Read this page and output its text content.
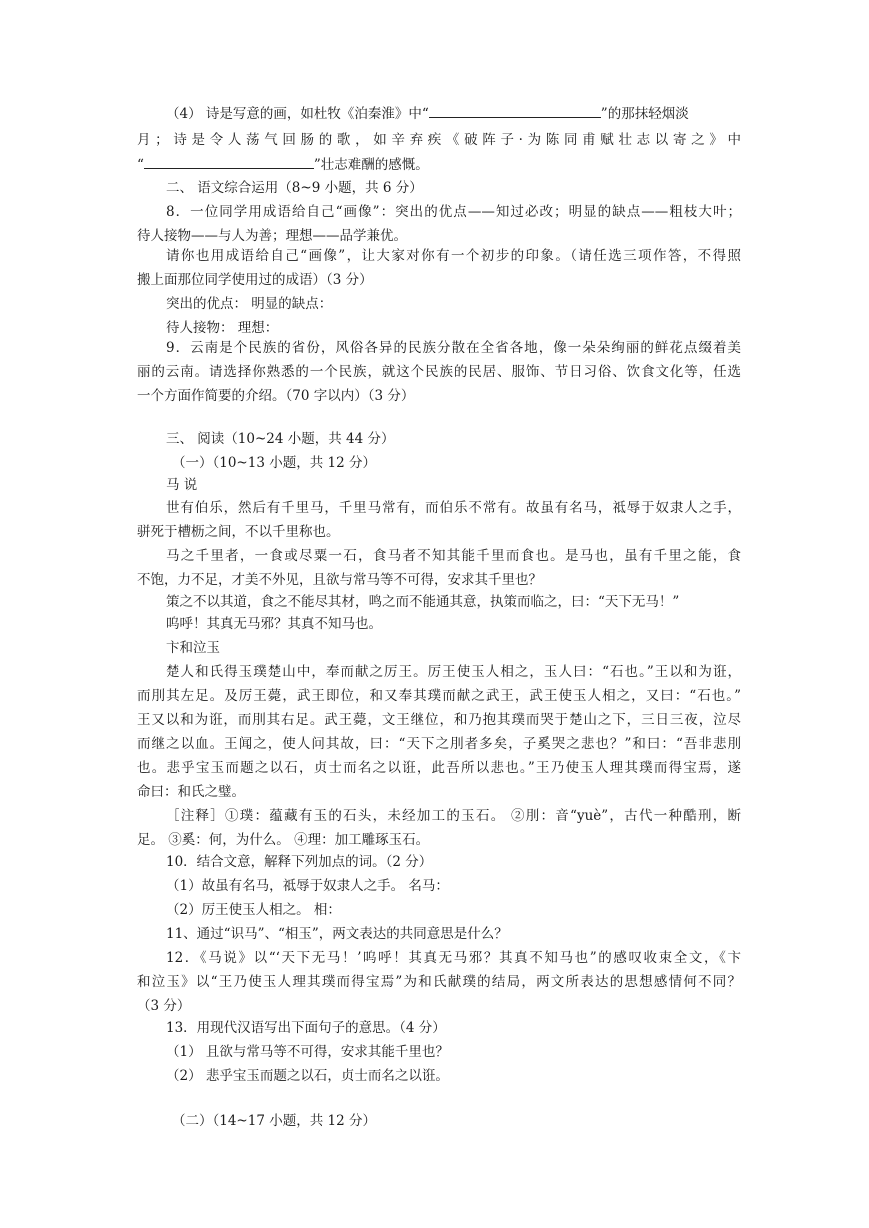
（4） 诗是写意的画，如杜牧《泊秦淮》中“	”的那抹轻烟淡
月；诗是令人荡气回肠的歌，如辛弃疾《破阵子·为陈同甫赋壮志以寄之》中
“	”壮志难酬的感慨。
二、 语文综合运用（8~9 小题，共 6 分）
8．一位同学用成语给自己“画像”：突出的优点——知过必改；明显的缺点——粗枝大叶；
待人接物——与人为善；理想——品学兼优。
请你也用成语给自己“画像”，让大家对你有一个初步的印象。（请任选三项作答，不得照
搬上面那位同学使用过的成语）（3 分）
突出的优点： 明显的缺点：
待人接物： 理想：
9．云南是个民族的省份，风俗各异的民族分散在全省各地，像一朵朵绚丽的鲜花点缀着美
丽的云南。请选择你熟悉的一个民族，就这个民族的民居、服饰、节日习俗、饮食文化等，任选
一个方面作简要的介绍。（70 字以内）（3 分）
三、 阅读（10~24 小题，共 44 分）
（一）（10~13 小题，共 12 分）
马 说
世有伯乐，然后有千里马，千里马常有，而伯乐不常有。故虽有名马，祗辱于奴隶人之手，
骈死于槽枥之间，不以千里称也。
马之千里者，一食或尽粟一石，食马者不知其能千里而食也。是马也，虽有千里之能，食
不饱，力不足，才美不外见，且欲与常马等不可得，安求其千里也？
策之不以其道，食之不能尽其材，鸣之而不能通其意，执策而临之，曰：“天下无马！”
呜呼！其真无马邪？其真不知马也。
卞和泣玉
楚人和氏得玉璞楚山中，奉而献之厉王。厉王使玉人相之，玉人曰：“石也。”王以和为诳，
而刖其左足。及厉王薨，武王即位，和又奉其璞而献之武王，武王使玉人相之，又曰：“石也。”
王又以和为诳，而刖其右足。武王薨，文王继位，和乃抱其璞而哭于楚山之下，三日三夜，泣尽
而继之以血。王闻之，使人问其故，曰：“天下之刖者多矣，子奚哭之悲也？”和曰：“吾非悲刖
也。悲乎宝玉而题之以石，贞士而名之以诳，此吾所以悲也。”王乃使玉人理其璞而得宝焉，遂
命曰：和氏之璧。
［注释］①璞：蕴藏有玉的石头，未经加工的玉石。 ②刖：音“yuè”，古代一种酷刑，断
足。 ③奚：何，为什么。 ④理：加工雕琢玉石。
10．结合文意，解释下列加点的词。（2 分）
（1）故虽有名马，祗辱于奴隶人之手。 名马：
（2）厉王使玉人相之。 相：
11、通过“识马”、“相玉”，两文表达的共同意思是什么？
12．《马说》以“‘天下无马！’呜呼！其真无马邪？其真不知马也”的感叹收束全文，《卞
和泣玉》以“王乃使玉人理其璞而得宝焉”为和氏献璞的结局，两文所表达的思想感情何不同？
（3 分）
13．用现代汉语写出下面句子的意思。（4 分）
（1） 且欲与常马等不可得，安求其能千里也？
（2） 悲乎宝玉而题之以石，贞士而名之以诳。
（二）（14~17 小题，共 12 分）
